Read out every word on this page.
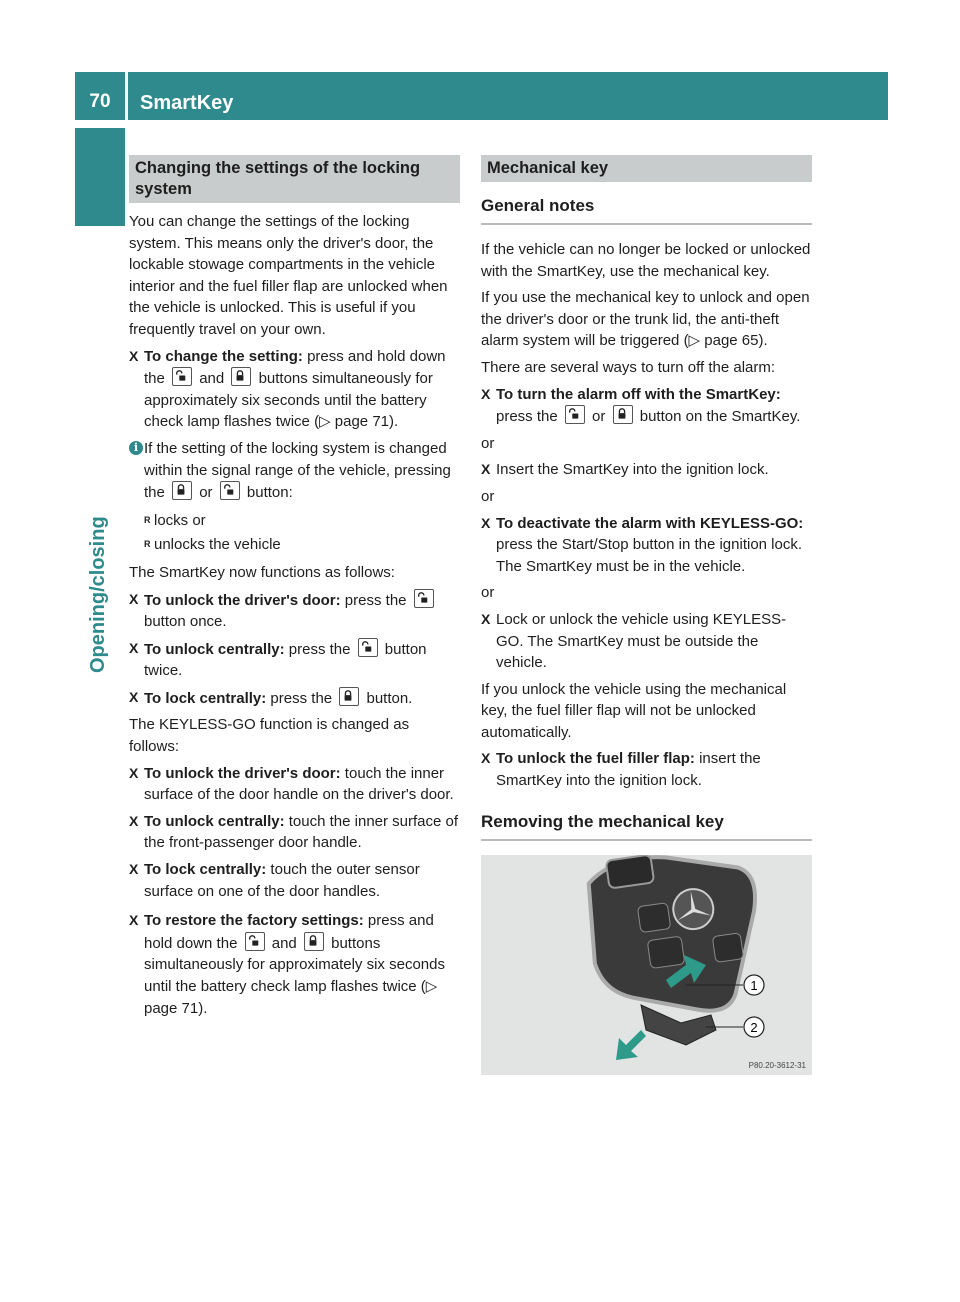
70	SmartKey
Opening/closing
Changing the settings of the locking system

You can change the settings of the locking system. This means only the driver's door, the lockable stowage compartments in the vehicle interior and the fuel filler flap are unlocked when the vehicle is unlocked. This is useful if you frequently travel on your own.

X To change the setting: press and hold down the
and
buttons simultaneously for approximately six seconds until the battery check lamp flashes twice (▷ page 71).
i If the setting of the locking system is changed within the signal range of the vehicle, pressing the
or
button:
R locks or
R unlocks the vehicle

The SmartKey now functions as follows:

X To unlock the driver's door: press the
button once.
X To unlock centrally: press the
button twice.
X To lock centrally: press the
button.

The KEYLESS-GO function is changed as follows:

X To unlock the driver's door: touch the inner surface of the door handle on the driver's door.
X To unlock centrally: touch the inner surface of the front-passenger door handle.
X To lock centrally: touch the outer sensor surface on one of the door handles.
X To restore the factory settings: press and hold down the
and
buttons simultaneously for approximately six seconds until the battery check lamp flashes twice (▷ page 71).
Mechanical key
General notes

If the vehicle can no longer be locked or unlocked with the SmartKey, use the mechanical key.

If you use the mechanical key to unlock and open the driver's door or the trunk lid, the anti-theft alarm system will be triggered (▷ page 65).

There are several ways to turn off the alarm:

X To turn the alarm off with the SmartKey: press the
or
button on the SmartKey.

or

X Insert the SmartKey into the ignition lock.

or

X To deactivate the alarm with KEYLESS-GO: press the Start/Stop button in the ignition lock. The SmartKey must be in the vehicle.

or

X Lock or unlock the vehicle using KEYLESS-GO. The SmartKey must be outside the vehicle.

If you unlock the vehicle using the mechanical key, the fuel filler flap will not be unlocked automatically.

X To unlock the fuel filler flap: insert the SmartKey into the ignition lock.
Removing the mechanical key
1
2
P80.20-3612-31
